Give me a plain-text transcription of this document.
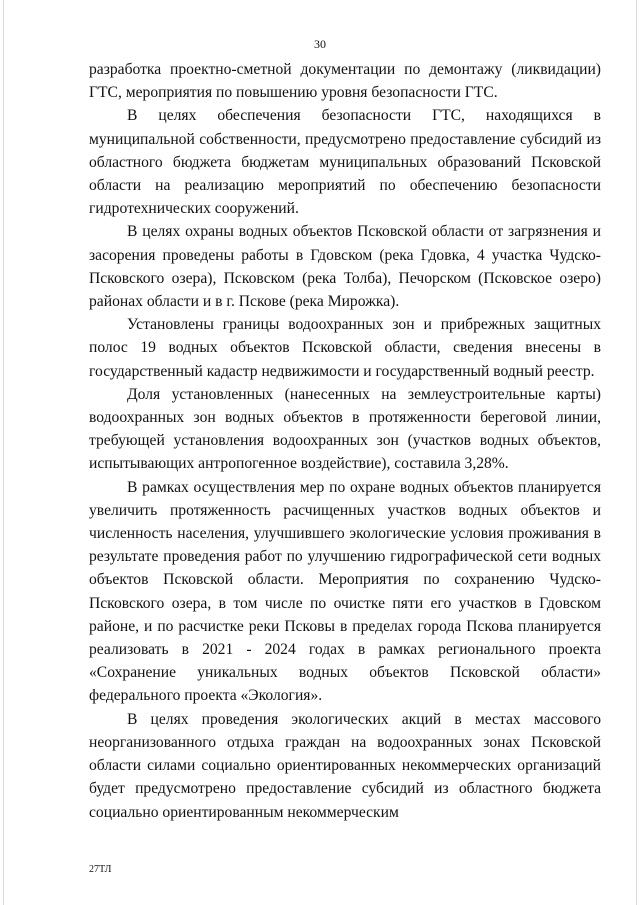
30

разработка проектно-сметной документации по демонтажу (ликвидации) ГТС, мероприятия по повышению уровня безопасности ГТС.

В целях обеспечения безопасности ГТС, находящихся в муниципальной собственности, предусмотрено предоставление субсидий из областного бюджета бюджетам муниципальных образований Псковской области на реализацию мероприятий по обеспечению безопасности гидротехнических сооружений.

В целях охраны водных объектов Псковской области от загрязнения и засорения проведены работы в Гдовском (река Гдовка, 4 участка Чудско-Псковского озера), Псковском (река Толба), Печорском (Псковское озеро) районах области и в г. Пскове (река Мирожка).

Установлены границы водоохранных зон и прибрежных защитных полос 19 водных объектов Псковской области, сведения внесены в государственный кадастр недвижимости и государственный водный реестр.

Доля установленных (нанесенных на землеустроительные карты) водоохранных зон водных объектов в протяженности береговой линии, требующей установления водоохранных зон (участков водных объектов, испытывающих антропогенное воздействие), составила 3,28%.

В рамках осуществления мер по охране водных объектов планируется увеличить протяженность расчищенных участков водных объектов и численность населения, улучшившего экологические условия проживания в результате проведения работ по улучшению гидрографической сети водных объектов Псковской области. Мероприятия по сохранению Чудско-Псковского озера, в том числе по очистке пяти его участков в Гдовском районе, и по расчистке реки Псковы в пределах города Пскова планируется реализовать в 2021 - 2024 годах в рамках регионального проекта «Сохранение уникальных водных объектов Псковской области» федерального проекта «Экология».

В целях проведения экологических акций в местах массового неорганизованного отдыха граждан на водоохранных зонах Псковской области силами социально ориентированных некоммерческих организаций будет предусмотрено предоставление субсидий из областного бюджета социально ориентированным некоммерческим

27ТЛ
